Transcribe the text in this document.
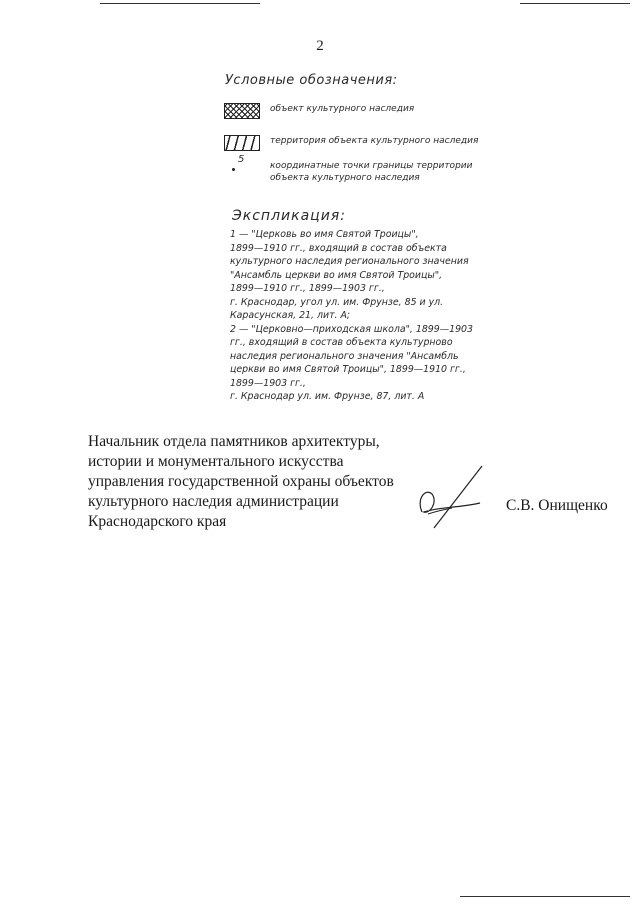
2
Условные обозначения:
объект культурного наследия
территория объекта культурного наследия
5
координатные точки границы территории
объекта культурного наследия
Экспликация:
1 — "Церковь во имя Святой Троицы",
1899—1910 гг., входящий в состав объекта
культурного наследия регионального значения
"Ансамбль церкви во имя Святой Троицы",
1899—1910 гг., 1899—1903 гг.,
г. Краснодар, угол ул. им. Фрунзе, 85 и ул.
Карасунская, 21, лит. А;
2 — "Церковно—приходская школа", 1899—1903
гг., входящий в состав объекта культурново
наследия регионального значения "Ансамбль
церкви во имя Святой Троицы", 1899—1910 гг.,
1899—1903 гг.,
г. Краснодар ул. им. Фрунзе, 87, лит. А
Начальник отдела памятников архитектуры,
истории и монументального искусства
управления государственной охраны объектов
культурного наследия администрации
Краснодарского края
С.В. Онищенко
